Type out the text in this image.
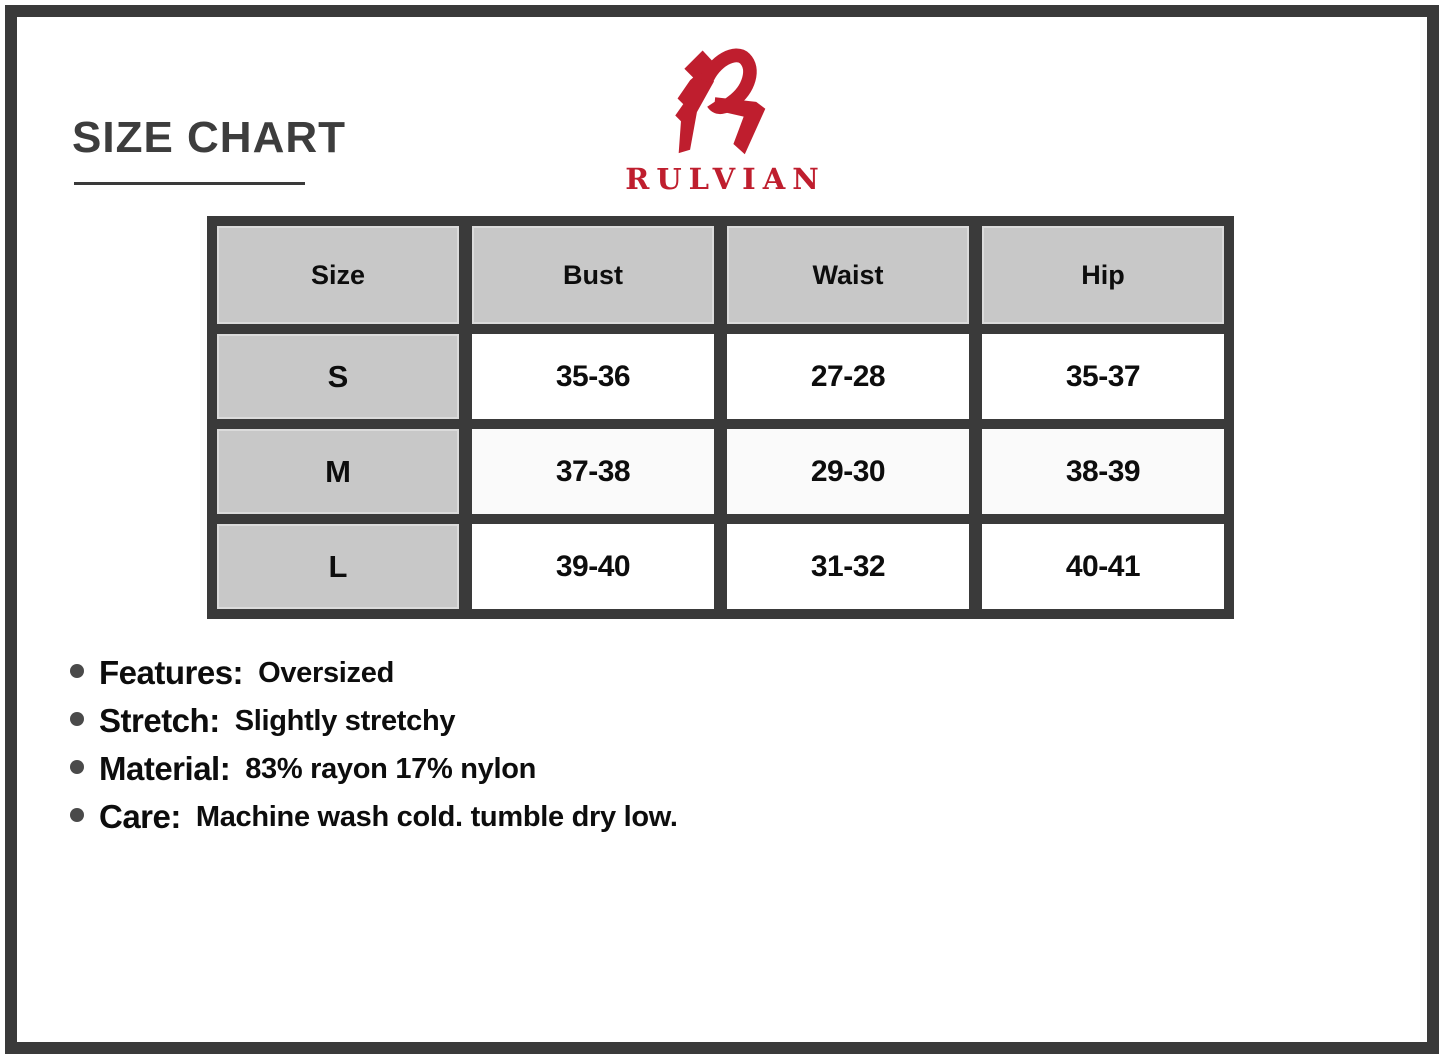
SIZE CHART
RULVIAN
Size	Bust	Waist	Hip
S	35-36	27-28	35-37
M	37-38	29-30	38-39
L	39-40	31-32	40-41
Features: Oversized
Stretch: Slightly stretchy
Material: 83% rayon 17% nylon
Care: Machine wash cold. tumble dry low.
